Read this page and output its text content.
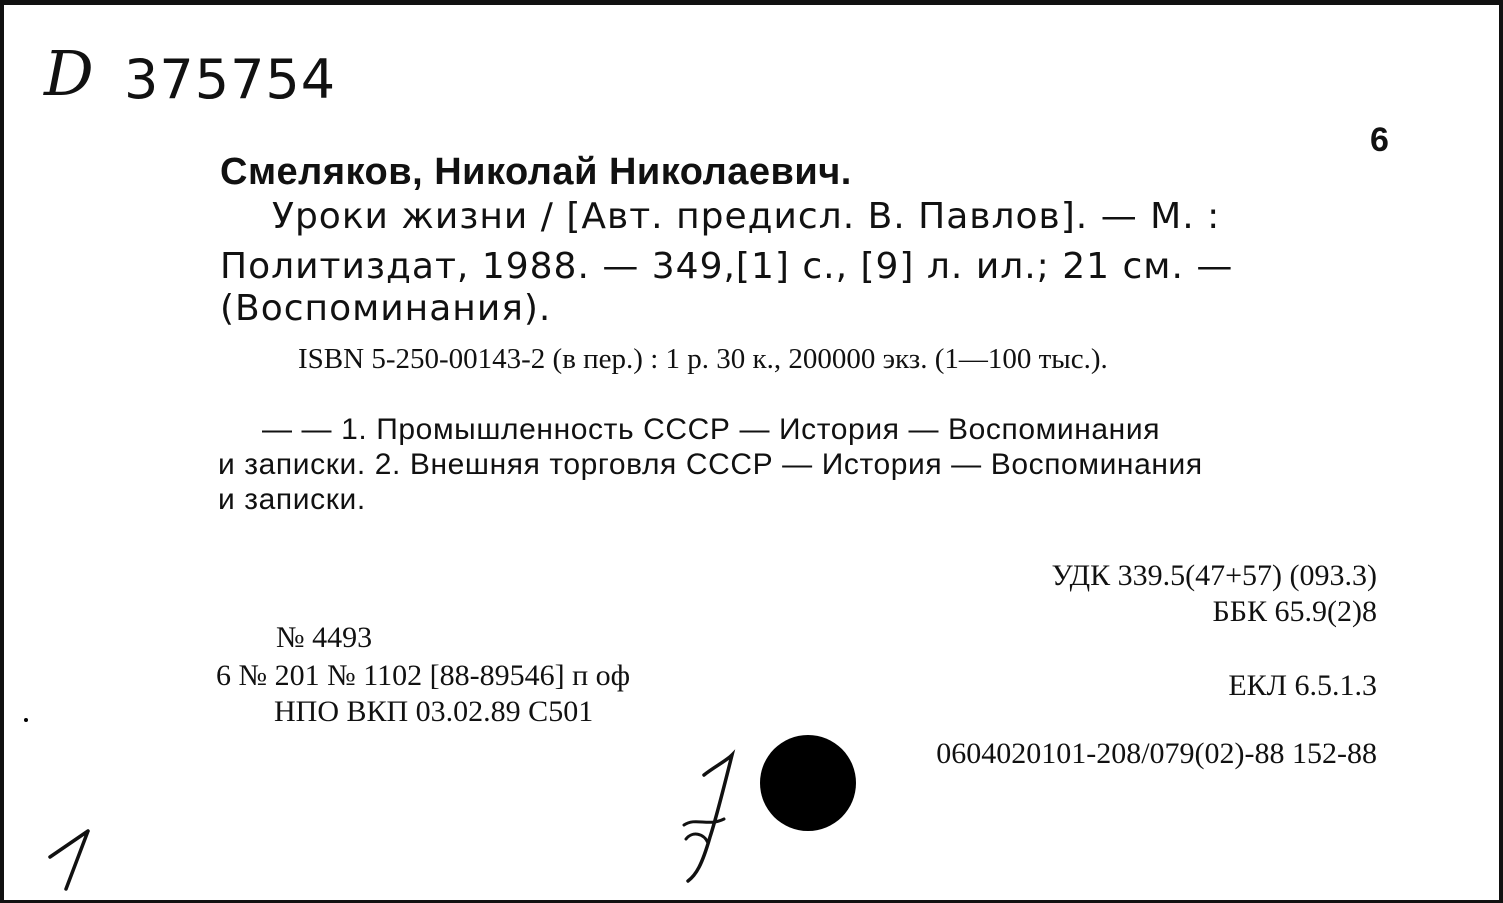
D 375754
6
Смеляков, Николай Николаевич.
Уроки жизни / [Авт. предисл. В. Павлов]. — М. :
Политиздат, 1988. — 349,[1] с., [9] л. ил.; 21 см. —
(Воспоминания).
ISBN 5-250-00143-2 (в пер.) : 1 р. 30 к., 200000 экз. (1—100 тыс.).
— — 1. Промышленность СССР — История — Воспоминания
и записки. 2. Внешняя торговля СССР — История — Воспоминания
и записки.
УДК 339.5(47+57) (093.3)
ББК 65.9(2)8
ЕКЛ 6.5.1.3
0604020101-208/079(02)-88 152-88
№ 4493
6 № 201 № 1102 [88-89546] п оф
НПО ВКП 03.02.89 С501
